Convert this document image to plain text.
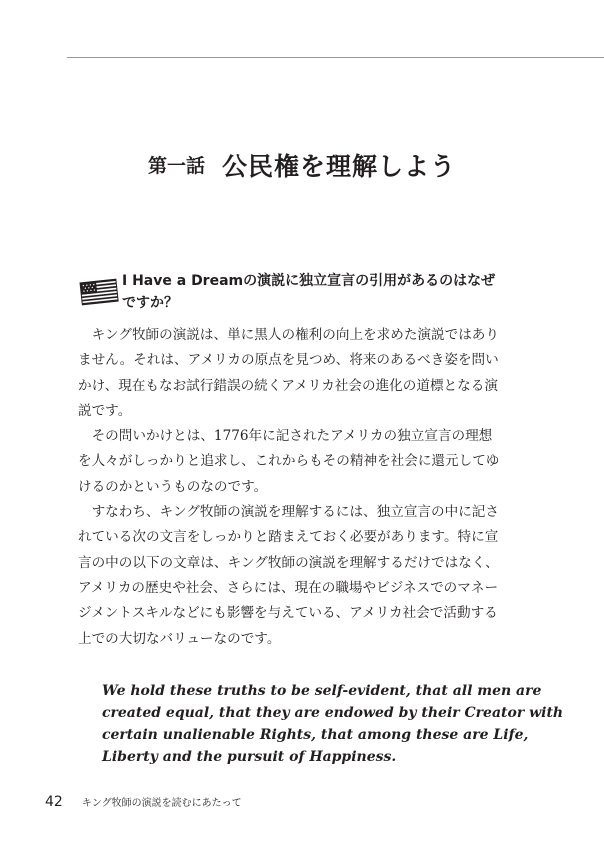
第一話 公民権を理解しよう
I Have a Dreamの演説に独立宣言の引用があるのはなぜ
ですか？
　キング牧師の演説は、単に黒人の権利の向上を求めた演説ではあり
ません。それは、アメリカの原点を見つめ、将来のあるべき姿を問い
かけ、現在もなお試行錯誤の続くアメリカ社会の進化の道標となる演
説です。
　その問いかけとは、1776年に記されたアメリカの独立宣言の理想
を人々がしっかりと追求し、これからもその精神を社会に還元してゆ
けるのかというものなのです。
　すなわち、キング牧師の演説を理解するには、独立宣言の中に記さ
れている次の文言をしっかりと踏まえておく必要があります。特に宣
言の中の以下の文章は、キング牧師の演説を理解するだけではなく、
アメリカの歴史や社会、さらには、現在の職場やビジネスでのマネー
ジメントスキルなどにも影響を与えている、アメリカ社会で活動する
上での大切なバリューなのです。
We hold these truths to be self-evident, that all men are
created equal, that they are endowed by their Creator with
certain unalienable Rights, that among these are Life,
Liberty and the pursuit of Happiness.
42 キング牧師の演説を読むにあたって
